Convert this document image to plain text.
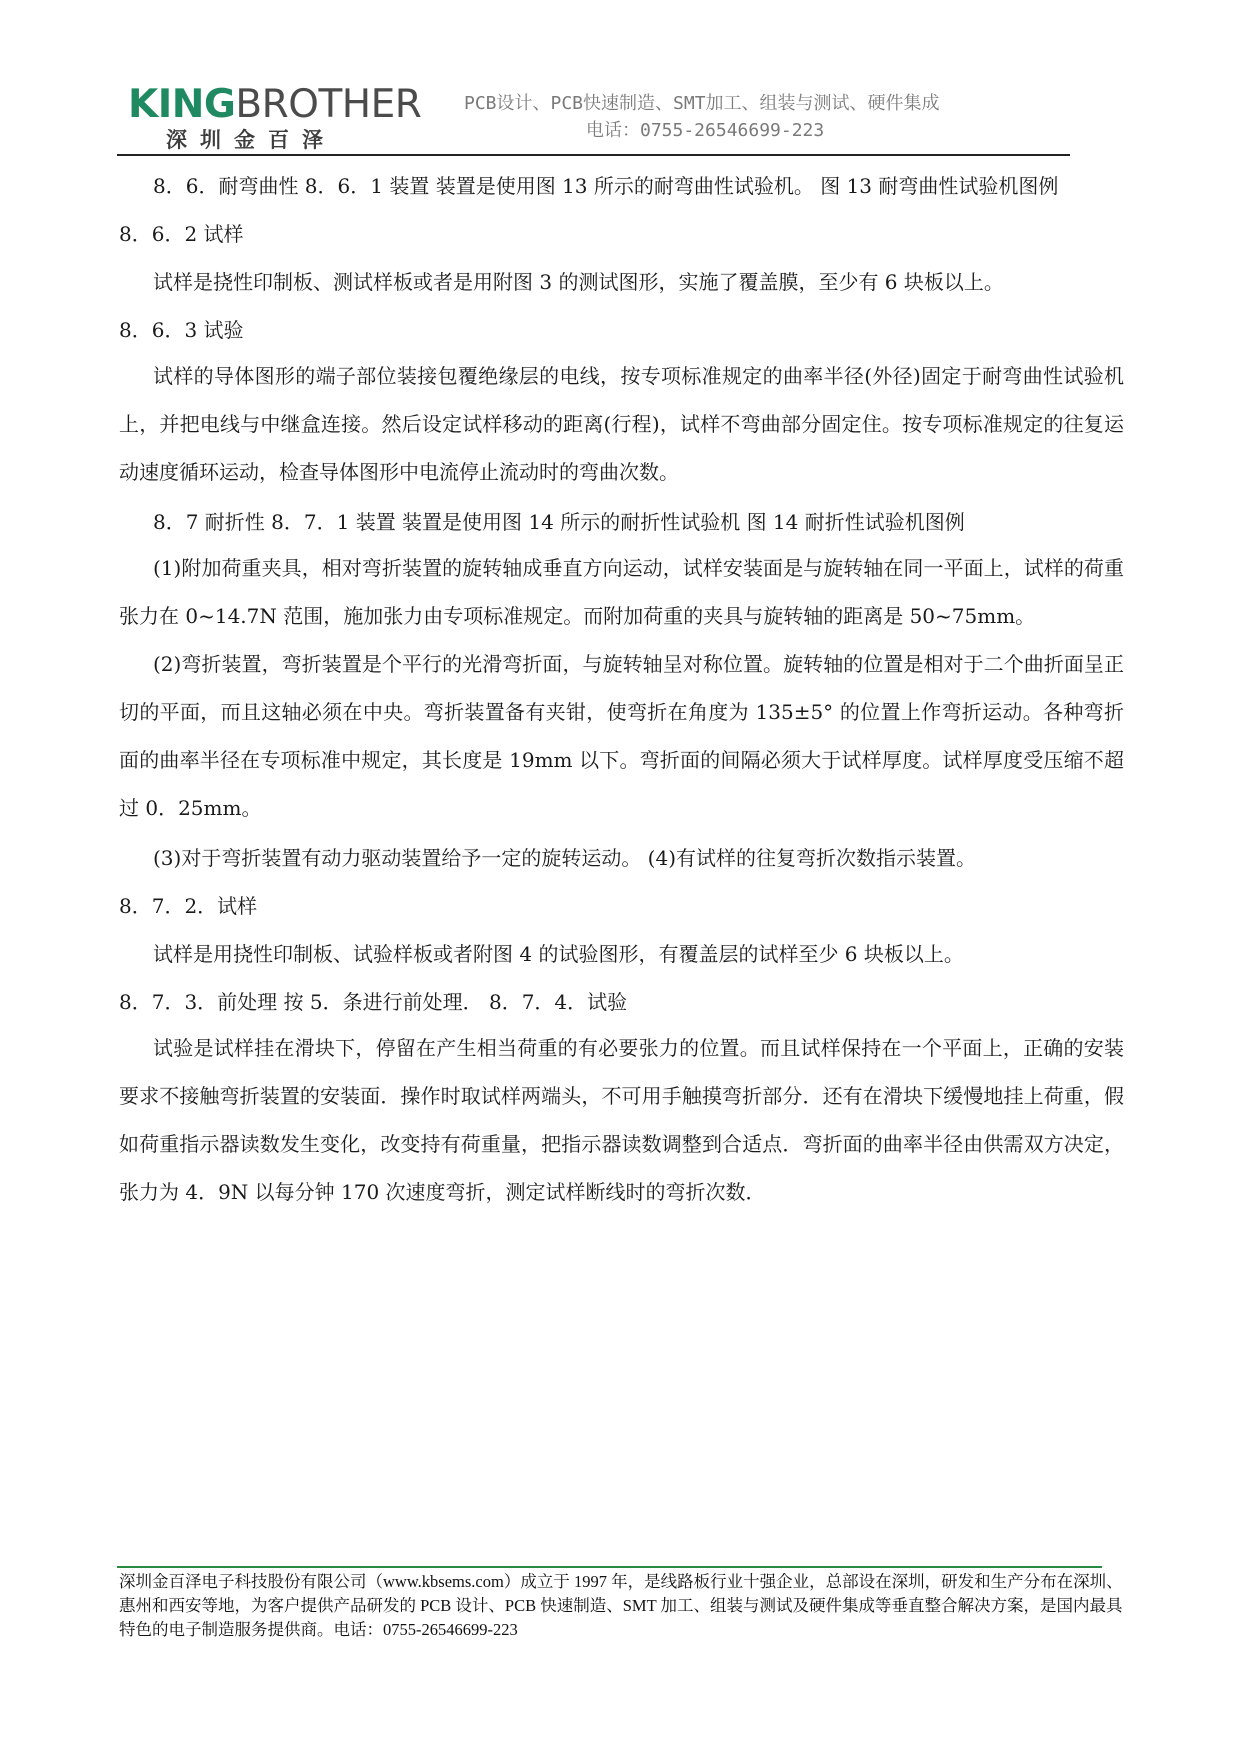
KINGBROTHER
深圳金百泽
PCB设计、PCB快速制造、SMT加工、组装与测试、硬件集成
电话：0755-26546699-223
8．6．耐弯曲性 8．6．1 装置 装置是使用图 13 所示的耐弯曲性试验机。 图 13 耐弯曲性试验机图例
8．6．2 试样
试样是挠性印制板、测试样板或者是用附图 3 的测试图形，实施了覆盖膜，至少有 6 块板以上。
8．6．3 试验
试样的导体图形的端子部位装接包覆绝缘层的电线，按专项标准规定的曲率半径(外径)固定于耐弯曲性试验机上，并把电线与中继盒连接。然后设定试样移动的距离(行程)，试样不弯曲部分固定住。按专项标准规定的往复运动速度循环运动，检查导体图形中电流停止流动时的弯曲次数。
8．7 耐折性 8．7．1 装置 装置是使用图 14 所示的耐折性试验机 图 14 耐折性试验机图例
(1)附加荷重夹具，相对弯折装置的旋转轴成垂直方向运动，试样安装面是与旋转轴在同一平面上，试样的荷重张力在 0~14.7N 范围，施加张力由专项标准规定。而附加荷重的夹具与旋转轴的距离是 50~75mm。
(2)弯折装置，弯折装置是个平行的光滑弯折面，与旋转轴呈对称位置。旋转轴的位置是相对于二个曲折面呈正切的平面，而且这轴必须在中央。弯折装置备有夹钳，使弯折在角度为 135±5° 的位置上作弯折运动。各种弯折面的曲率半径在专项标准中规定，其长度是 19mm 以下。弯折面的间隔必须大于试样厚度。试样厚度受压缩不超过 0．25mm。
(3)对于弯折装置有动力驱动装置给予一定的旋转运动。 (4)有试样的往复弯折次数指示装置。
8．7．2．试样
试样是用挠性印制板、试验样板或者附图 4 的试验图形，有覆盖层的试样至少 6 块板以上。
8．7．3．前处理 按 5．条进行前处理． 8．7．4．试验
试验是试样挂在滑块下，停留在产生相当荷重的有必要张力的位置。而且试样保持在一个平面上，正确的安装要求不接触弯折装置的安装面．操作时取试样两端头，不可用手触摸弯折部分．还有在滑块下缓慢地挂上荷重，假如荷重指示器读数发生变化，改变持有荷重量，把指示器读数调整到合适点．弯折面的曲率半径由供需双方决定，张力为 4．9N 以每分钟 170 次速度弯折，测定试样断线时的弯折次数．
深圳金百泽电子科技股份有限公司（www.kbsems.com）成立于 1997 年，是线路板行业十强企业，总部设在深圳，研发和生产分布在深圳、惠州和西安等地，为客户提供产品研发的 PCB 设计、PCB 快速制造、SMT 加工、组装与测试及硬件集成等垂直整合解决方案，是国内最具特色的电子制造服务提供商。电话：0755-26546699-223
